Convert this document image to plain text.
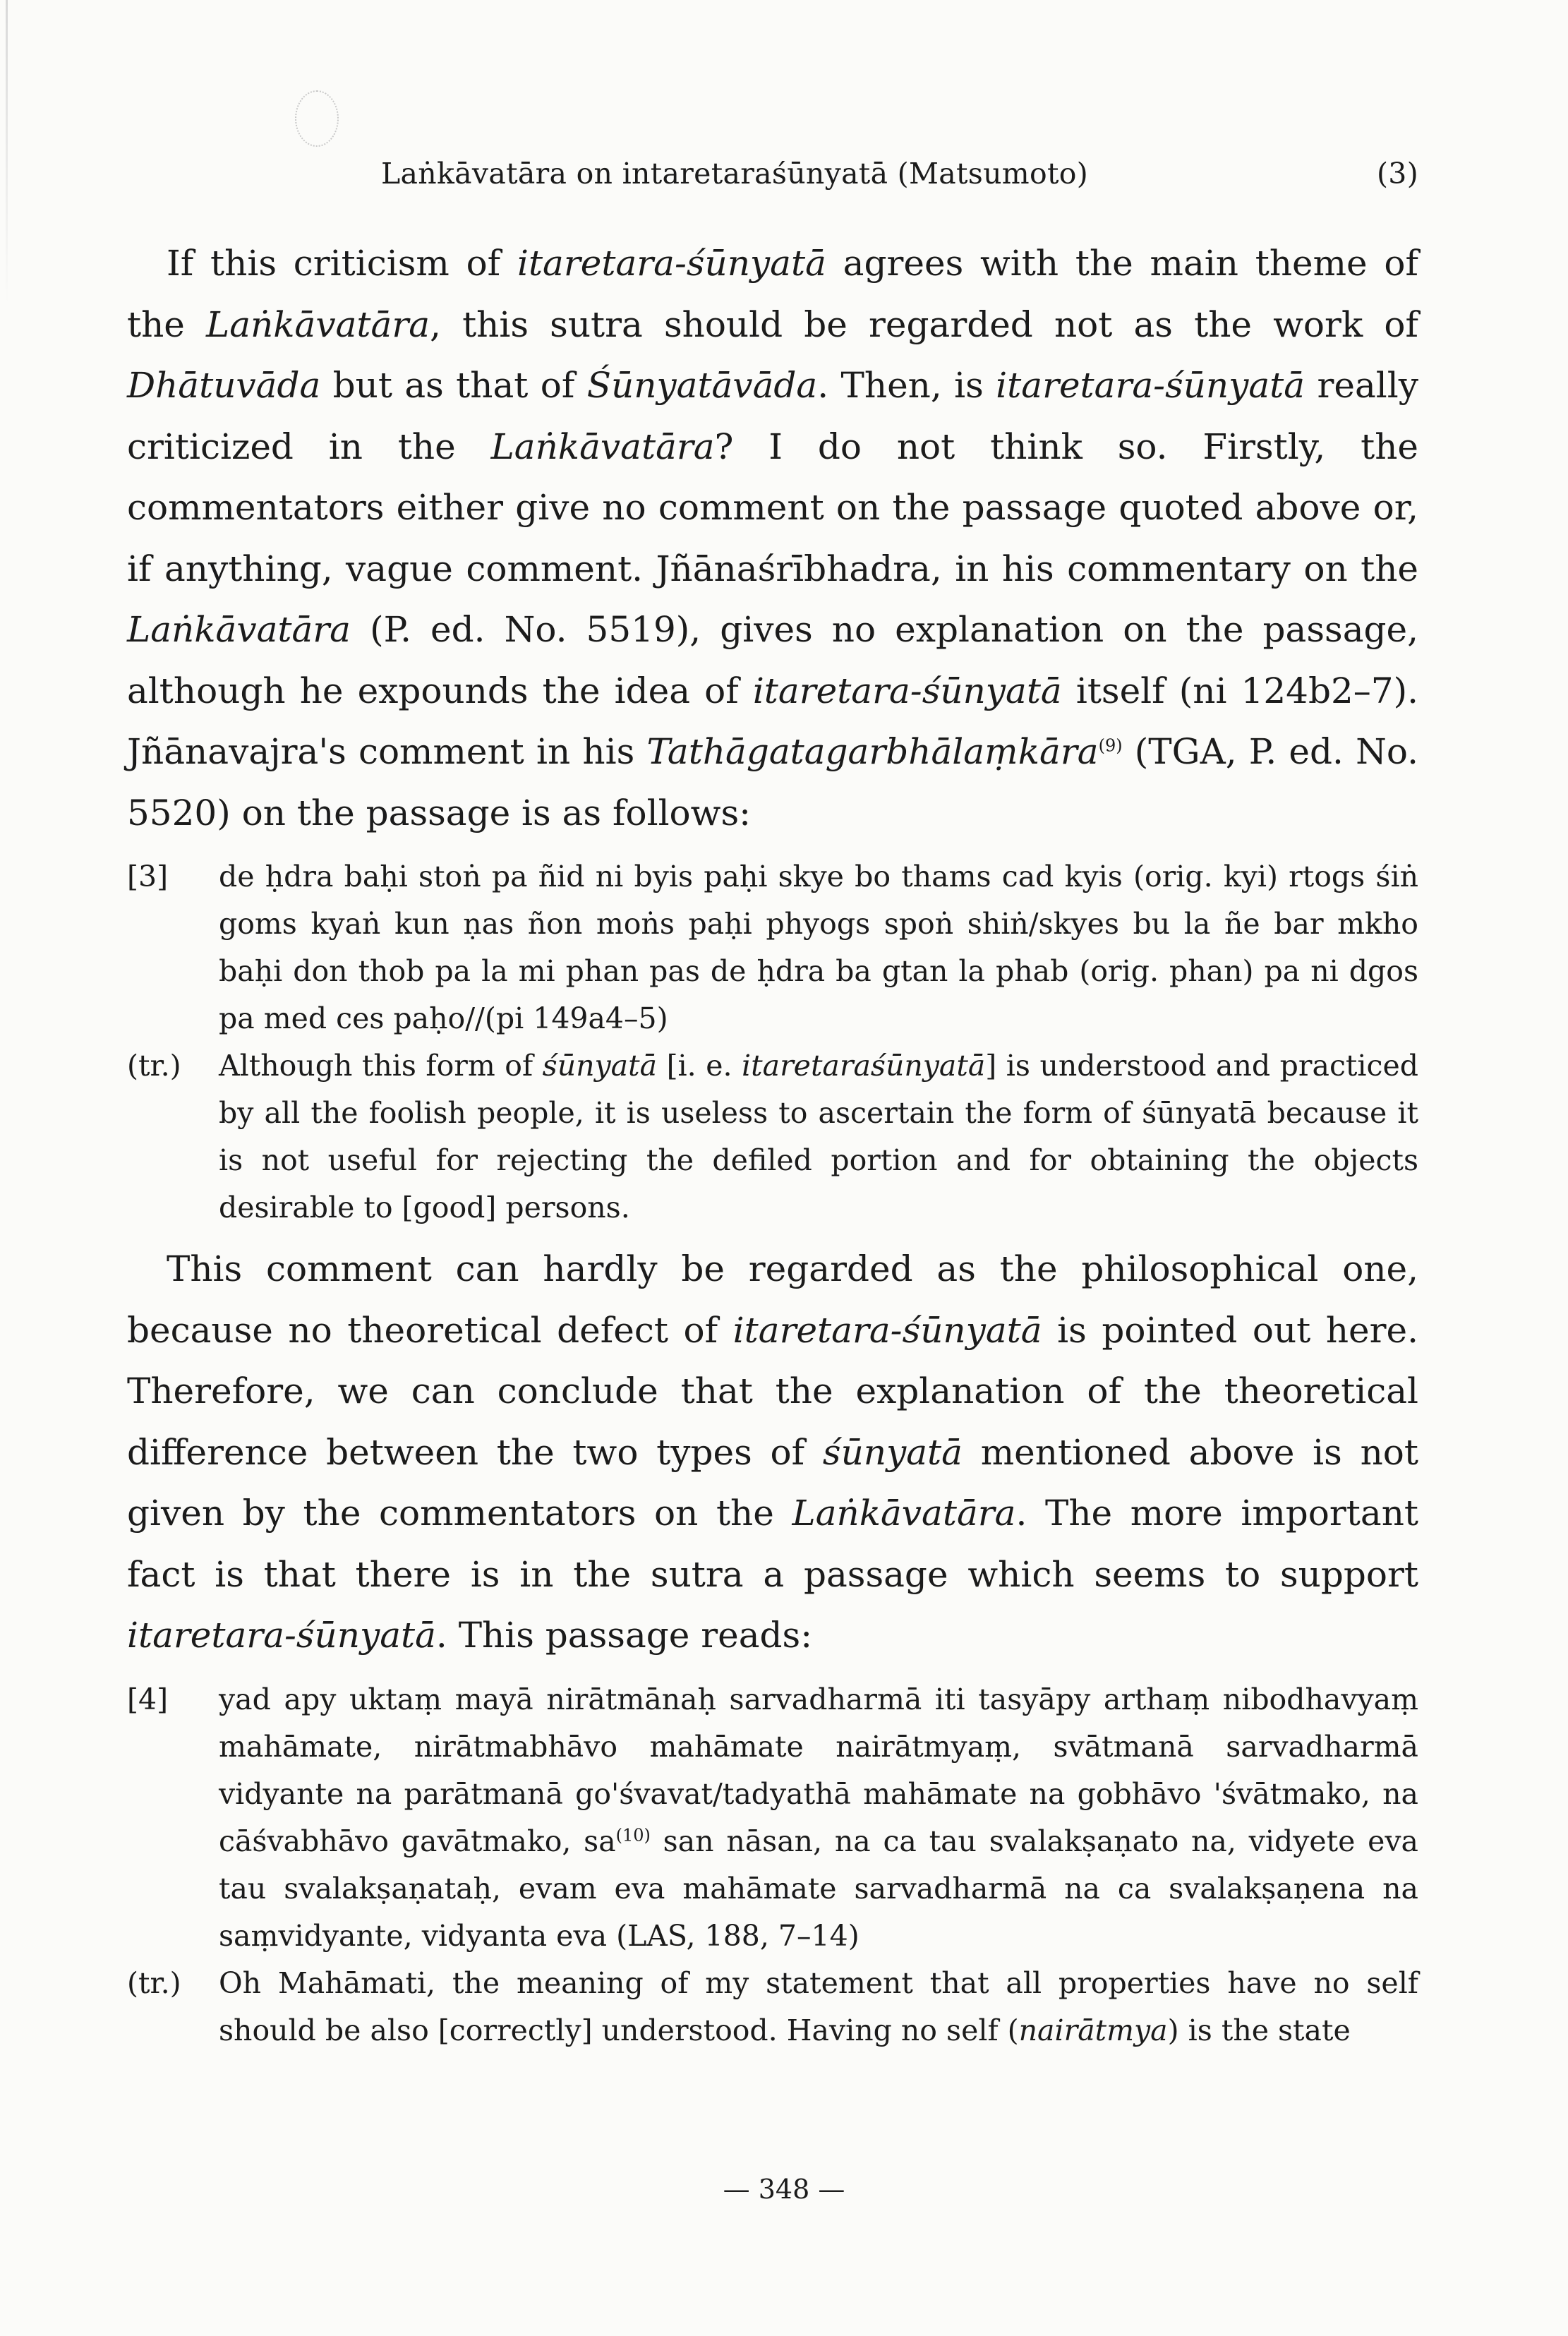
Laṅkāvatāra on intaretaraśūnyatā (Matsumoto)	(3)

If this criticism of itaretara-śūnyatā agrees with the main theme of the Laṅkāvatāra, this sutra should be regarded not as the work of Dhātuvāda but as that of Śūnyatāvāda. Then, is itaretara-śūnyatā really criticized in the Laṅkāvatāra? I do not think so. Firstly, the commentators either give no comment on the passage quoted above or, if anything, vague comment. Jñānaśrībhadra, in his commentary on the Laṅkāvatāra (P. ed. No. 5519), gives no explanation on the passage, although he expounds the idea of itaretara-śūnyatā itself (ni 124b2–7). Jñānavajra's comment in his Tathāgatagarbhālaṃkāra$^{(9)}$ (TGA, P. ed. No. 5520) on the passage is as follows:

[3] de ḥdra baḥi stoṅ pa ñid ni byis paḥi skye bo thams cad kyis (orig. kyi) rtogs śiṅ goms kyaṅ kun ṇas ñon moṅs paḥi phyogs spoṅ shiṅ/skyes bu la ñe bar mkho baḥi don thob pa la mi phan pas de ḥdra ba gtan la phab (orig. phan) pa ni dgos pa med ces paḥo//(pi 149a4–5)

(tr.) Although this form of śūnyatā [i. e. itaretaraśūnyatā] is understood and practiced by all the foolish people, it is useless to ascertain the form of śūnyatā because it is not useful for rejecting the defiled portion and for obtaining the objects desirable to [good] persons.

This comment can hardly be regarded as the philosophical one, because no theoretical defect of itaretara-śūnyatā is pointed out here. Therefore, we can conclude that the explanation of the theoretical difference between the two types of śūnyatā mentioned above is not given by the commentators on the Laṅkāvatāra. The more important fact is that there is in the sutra a passage which seems to support itaretara-śūnyatā. This passage reads:

[4] yad apy uktaṃ mayā nirātmānaḥ sarvadharmā iti tasyāpy arthaṃ nibodhavyaṃ mahāmate, nirātmabhāvo mahāmate nairātmyaṃ, svātmanā sarvadharmā vidyante na parātmanā go'śvavat/tadyathā mahāmate na gobhāvo 'śvātmako, na cāśvabhāvo gavātmako, $sa^{(10)}$ san nāsan, na ca tau svalakṣaṇato na, vidyete eva tau svalakṣaṇataḥ, evam eva mahāmate sarvadharmā na ca svalakṣaṇena na saṃvidyante, vidyanta eva (LAS, 188, 7–14)

(tr.) Oh Mahāmati, the meaning of my statement that all properties have no self should be also [correctly] understood. Having no self (nairātmya) is the state

— 348 —
